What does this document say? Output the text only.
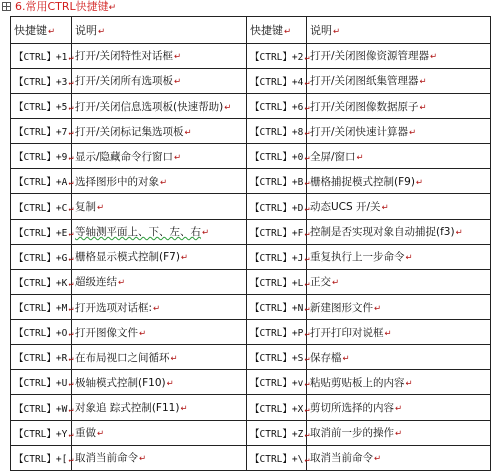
6.常用CTRL快捷键↵
快捷键↵	说明↵	快捷键↵	说明↵
【CTRL】+1↵	打开/关闭特性对话框↵	【CTRL】+2↵	打开/关闭图像资源管理器↵
【CTRL】+3↵	打开/关闭所有选项板↵	【CTRL】+4↵	打开/关闭图纸集管理器↵
【CTRL】+5↵	打开/关闭信息选项板(快速帮助)↵	【CTRL】+6↵	打开/关闭图像数据原子↵
【CTRL】+7↵	打开/关闭标记集选项板↵	【CTRL】+8↵	打开/关闭快速计算器↵
【CTRL】+9↵	显示/隐藏命令行窗口↵	【CTRL】+0↵	全屏/窗口↵
【CTRL】+A↵	选择图形中的对象↵	【CTRL】+B↵	栅格捕捉模式控制(F9)↵
【CTRL】+C↵	复制↵	【CTRL】+D↵	动态UCS 开/关↵
【CTRL】+E↵	等轴测平面上、下、左、右↵	【CTRL】+F↵	控制是否实现对象自动捕捉(f3)↵
【CTRL】+G↵	栅格显示模式控制(F7)↵	【CTRL】+J↵	重复执行上一步命令↵
【CTRL】+K↵	超级连结↵	【CTRL】+L↵	正交↵
【CTRL】+M↵	打开选项对话框:↵	【CTRL】+N↵	新建图形文件↵
【CTRL】+O↵	打开图像文件↵	【CTRL】+P↵	打开打印对说框↵
【CTRL】+R↵	在布局视口之间循环↵	【CTRL】+S↵	保存檔↵
【CTRL】+U↵	极轴模式控制(F10)↵	【CTRL】+v↵	粘贴剪贴板上的内容↵
【CTRL】+W↵	对象追 踪式控制(F11)↵	【CTRL】+X↵	剪切所选择的内容↵
【CTRL】+Y↵	重做↵	【CTRL】+Z↵	取消前一步的操作↵
【CTRL】+[↵	取消当前命令↵	【CTRL】+\↵	取消当前命令↵
